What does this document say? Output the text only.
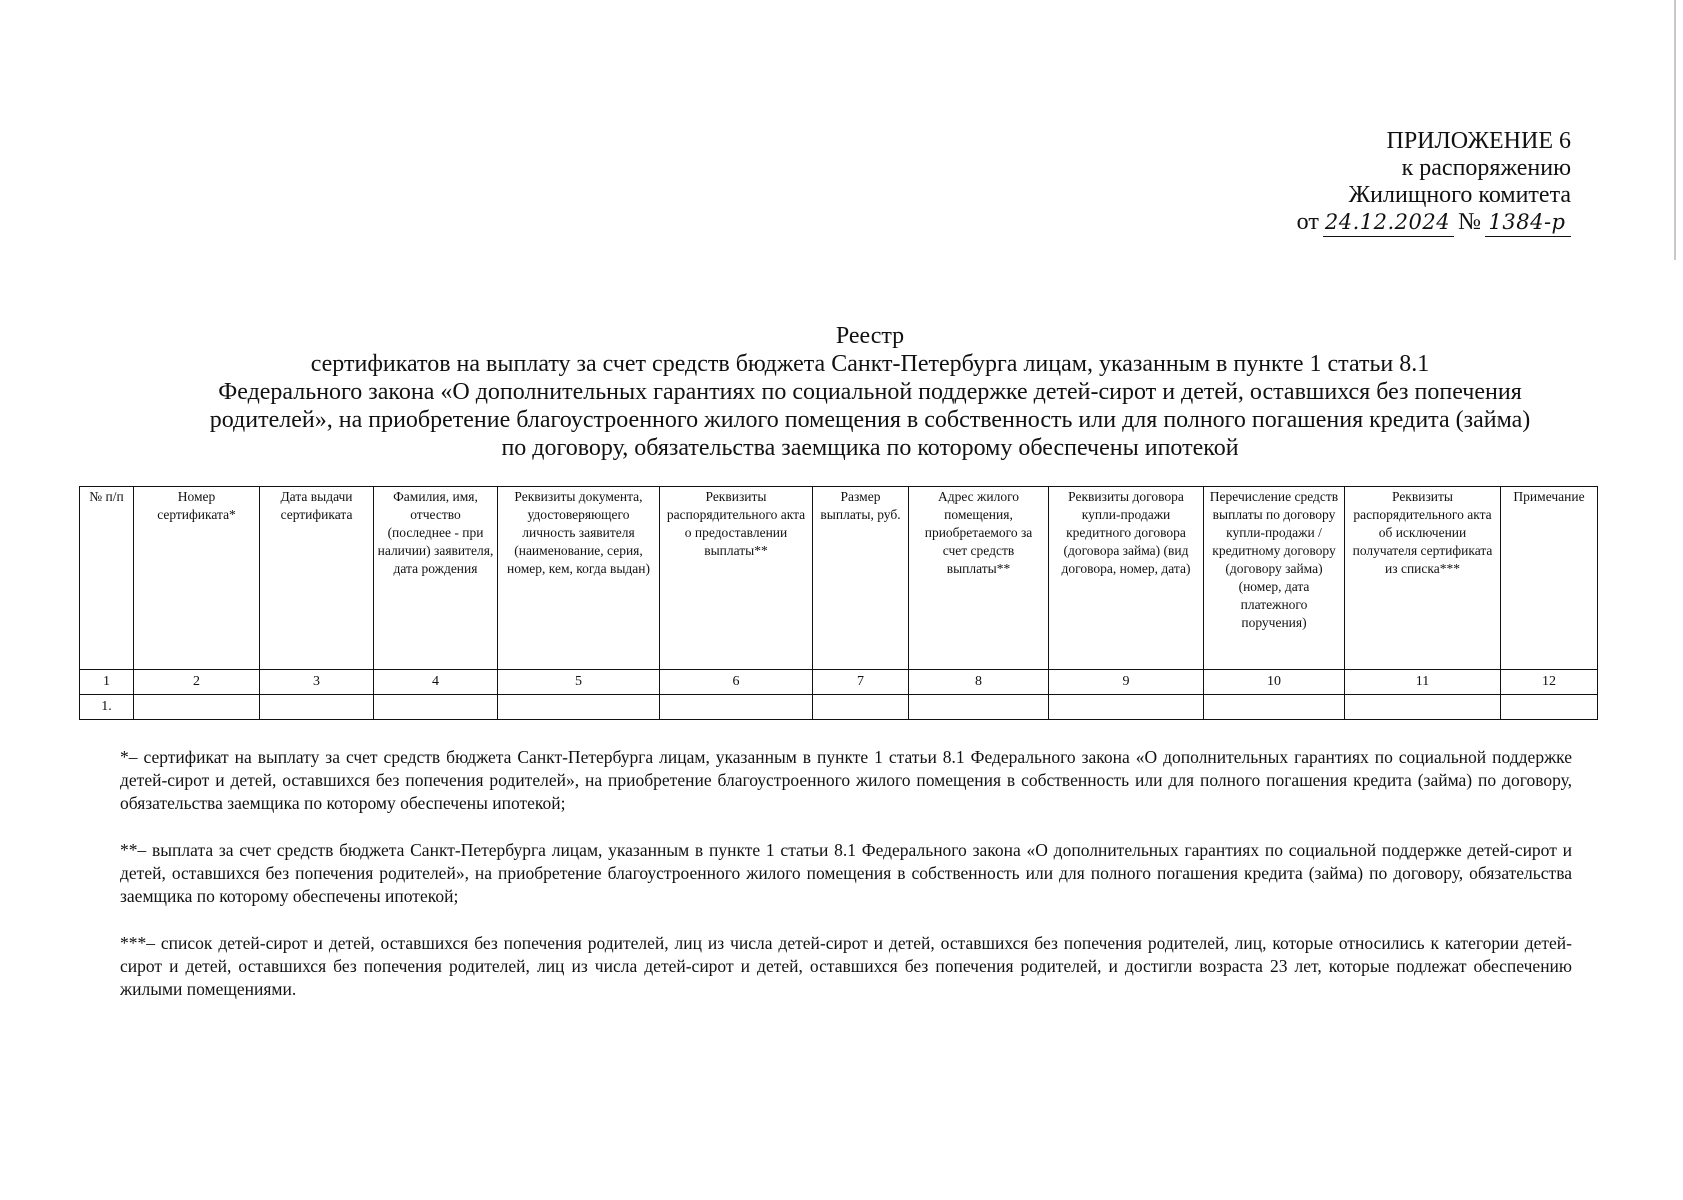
ПРИЛОЖЕНИЕ 6
к распоряжению
Жилищного комитета
от 24.12.2024 № 1384-р
Реестр
сертификатов на выплату за счет средств бюджета Санкт-Петербурга лицам, указанным в пункте 1 статьи 8.1
Федерального закона «О дополнительных гарантиях по социальной поддержке детей-сирот и детей, оставшихся без попечения
родителей», на приобретение благоустроенного жилого помещения в собственность или для полного погашения кредита (займа)
по договору, обязательства заемщика по которому обеспечены ипотекой
№ п/п	Номер сертификата*	Дата выдачи сертификата	Фамилия, имя, отчество (последнее - при наличии) заявителя, дата рождения	Реквизиты документа, удостоверяющего личность заявителя (наименование, серия, номер, кем, когда выдан)	Реквизиты распорядительного акта о предоставлении выплаты**	Размер выплаты, руб.	Адрес жилого помещения, приобретаемого за счет средств выплаты**	Реквизиты договора купли-продажи кредитного договора (договора займа) (вид договора, номер, дата)	Перечисление средств выплаты по договору купли-продажи /кредитному договору (договору займа) (номер, дата платежного поручения)	Реквизиты распорядительного акта об исключении получателя сертификата из списка***	Примечание
1	2	3	4	5	6	7	8	9	10	11	12
1.											

*– сертификат на выплату за счет средств бюджета Санкт-Петербурга лицам, указанным в пункте 1 статьи 8.1 Федерального закона «О дополнительных гарантиях по социальной поддержке детей-сирот и детей, оставшихся без попечения родителей», на приобретение благоустроенного жилого помещения в собственность или для полного погашения кредита (займа) по договору, обязательства заемщика по которому обеспечены ипотекой;

**– выплата за счет средств бюджета Санкт-Петербурга лицам, указанным в пункте 1 статьи 8.1 Федерального закона «О дополнительных гарантиях по социальной поддержке детей-сирот и детей, оставшихся без попечения родителей», на приобретение благоустроенного жилого помещения в собственность или для полного погашения кредита (займа) по договору, обязательства заемщика по которому обеспечены ипотекой;

***– список детей-сирот и детей, оставшихся без попечения родителей, лиц из числа детей-сирот и детей, оставшихся без попечения родителей, лиц, которые относились к категории детей-сирот и детей, оставшихся без попечения родителей, лиц из числа детей-сирот и детей, оставшихся без попечения родителей, и достигли возраста 23 лет, которые подлежат обеспечению жилыми помещениями.
